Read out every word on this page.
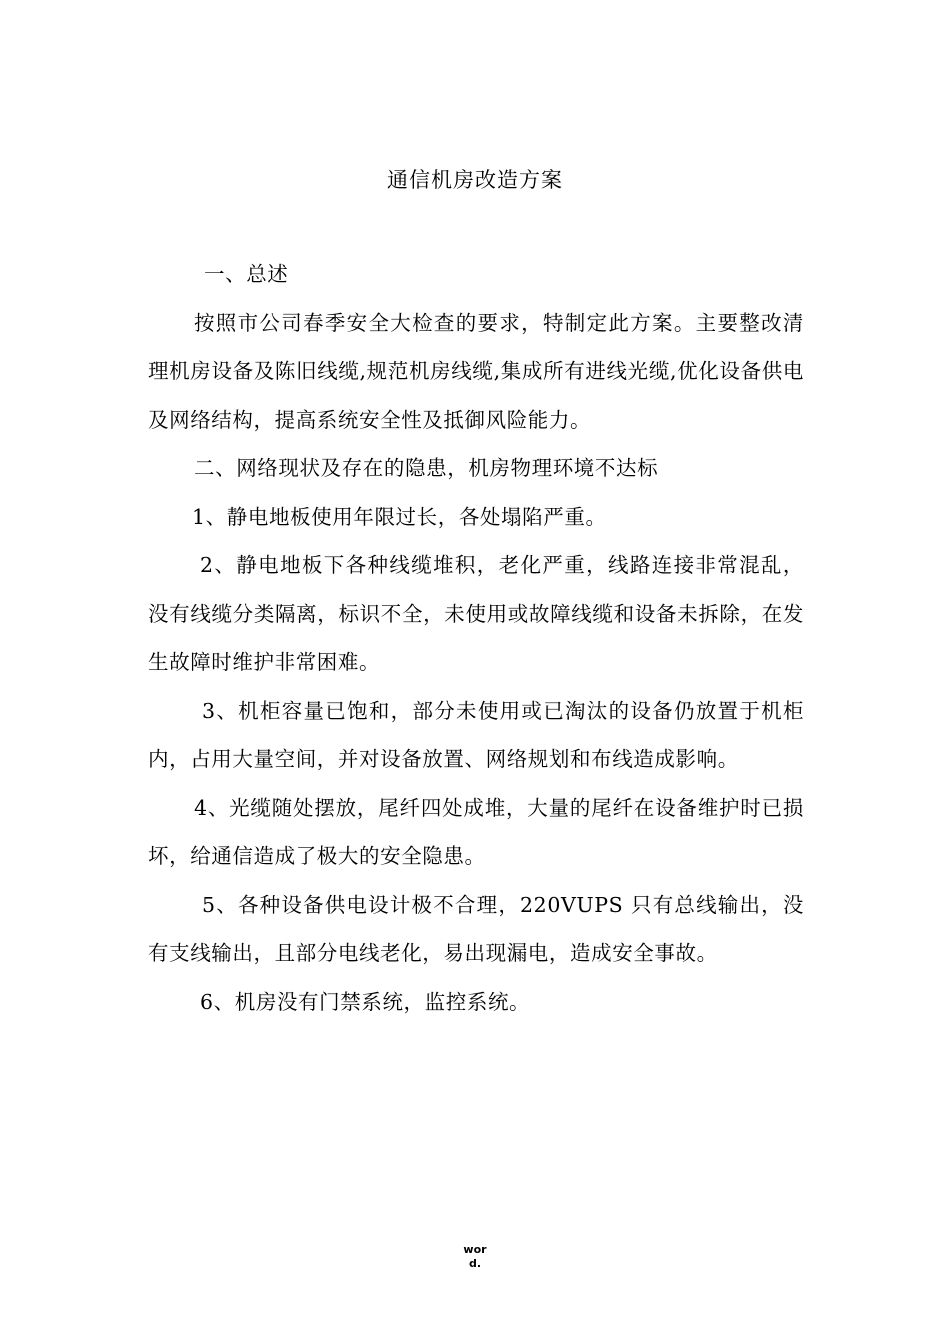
通信机房改造方案

一、总述

按照市公司春季安全大检查的要求，特制定此方案。主要整改清理机房设备及陈旧线缆,规范机房线缆,集成所有进线光缆,优化设备供电及网络结构，提高系统安全性及抵御风险能力。

二、网络现状及存在的隐患，机房物理环境不达标

1、静电地板使用年限过长，各处塌陷严重。

2、静电地板下各种线缆堆积，老化严重，线路连接非常混乱，没有线缆分类隔离，标识不全，未使用或故障线缆和设备未拆除，在发生故障时维护非常困难。

3、机柜容量已饱和，部分未使用或已淘汰的设备仍放置于机柜内，占用大量空间，并对设备放置、网络规划和布线造成影响。

4、光缆随处摆放，尾纤四处成堆，大量的尾纤在设备维护时已损坏，给通信造成了极大的安全隐患。

5、各种设备供电设计极不合理，220VUPS 只有总线输出，没有支线输出，且部分电线老化，易出现漏电，造成安全事故。

6、机房没有门禁系统，监控系统。

wor
d.
